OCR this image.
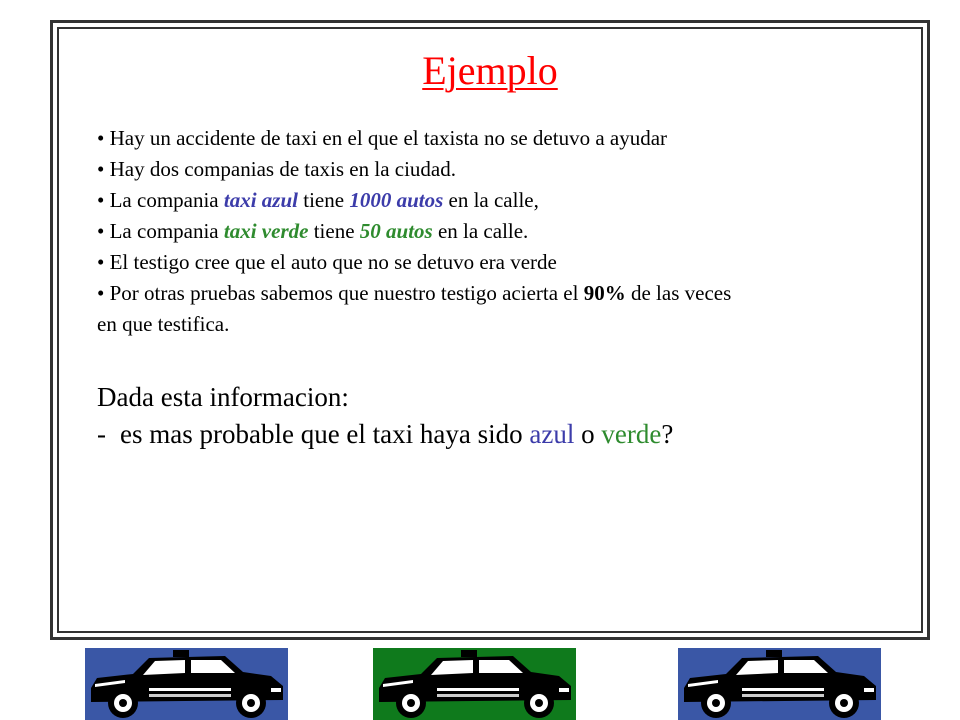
Ejemplo
• Hay un accidente de taxi en el que el taxista no se detuvo a ayudar
• Hay dos companias de taxis en la ciudad.
• La compania taxi azul tiene 1000 autos en la calle,
• La compania taxi verde tiene 50 autos en la calle.
• El testigo cree que el auto que no se detuvo era verde
• Por otras pruebas sabemos que nuestro testigo acierta el 90% de las veces
en que testifica.
Dada esta informacion:
- es mas probable que el taxi haya sido azul o verde?
